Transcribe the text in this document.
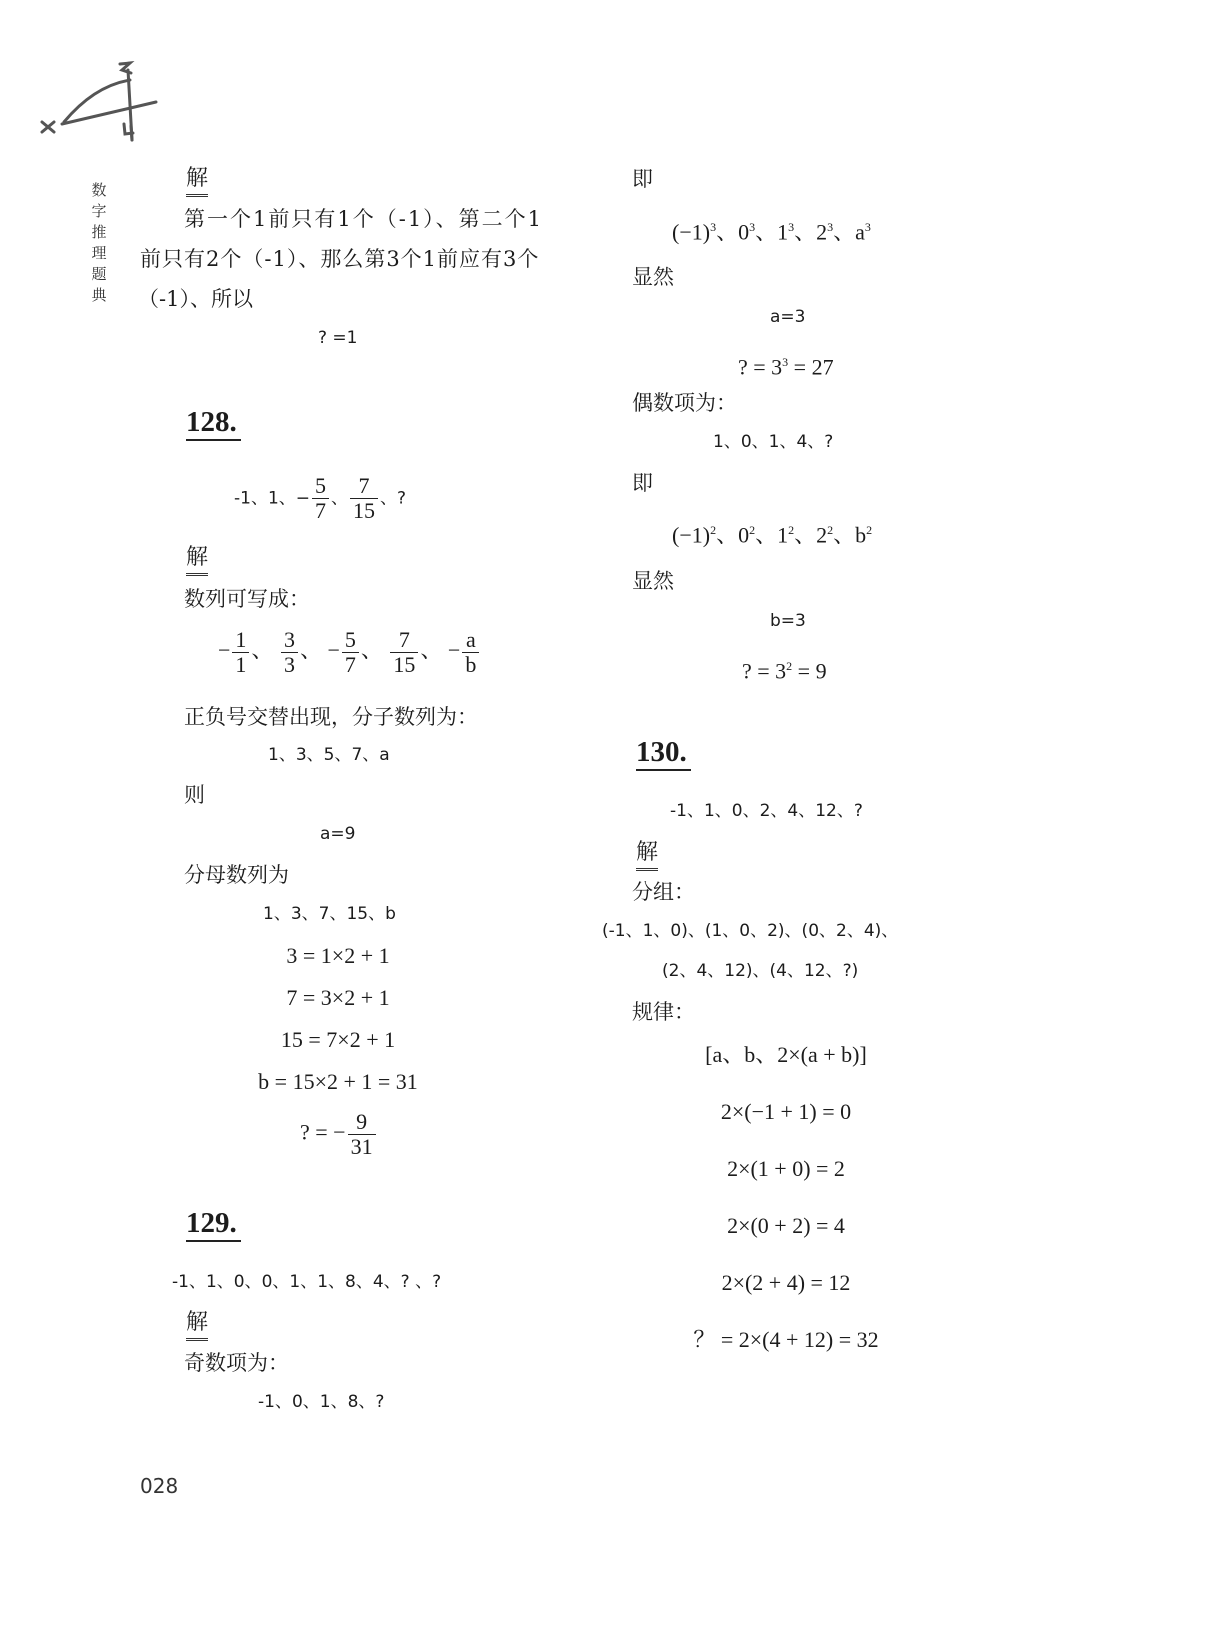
数字推理题典
解
第一个1前只有1个（-1）、第二个1
前只有2个（-1）、那么第3个1前应有3个
（-1）、所以
? =1
128.
-1、1、− $\frac{5}{7}$ 、 $\frac{7}{15}$ 、?
解
数列可写成：
− $\frac{1}{1}$ 、 $\frac{3}{3}$ 、 − $\frac{5}{7}$ 、 $\frac{7}{15}$ 、 − $\frac{a}{b}$
正负号交替出现，分子数列为：
1、3、5、7、a
则
a=9
分母数列为
1、3、7、15、b
3 = 1×2 + 1
7 = 3×2 + 1
15 = 7×2 + 1
b = 15×2 + 1 = 31
? = − $\frac{9}{31}$
129.
-1、1、0、0、1、1、8、4、? 、?
解
奇数项为：
-1、0、1、8、?
028
即
$(-1)^3$、$0^3$、$1^3$、$2^3$、$a^3$
显然
a=3
? = $3^3 = 27$
偶数项为：
1、0、1、4、?
即
$(-1)^2$、$0^2$、$1^2$、$2^2$、$b^2$
显然
b=3
? = $3^2 = 9$
130.
-1、1、0、2、4、12、?
解
分组：
(-1、1、0)、(1、0、2)、(0、2、4)、
(2、4、12)、(4、12、?)
规律：
[a、b、2×(a + b)]
2×(−1 + 1) = 0
2×(1 + 0) = 2
2×(0 + 2) = 4
2×(2 + 4) = 12
？ = 2×(4 + 12) = 32
